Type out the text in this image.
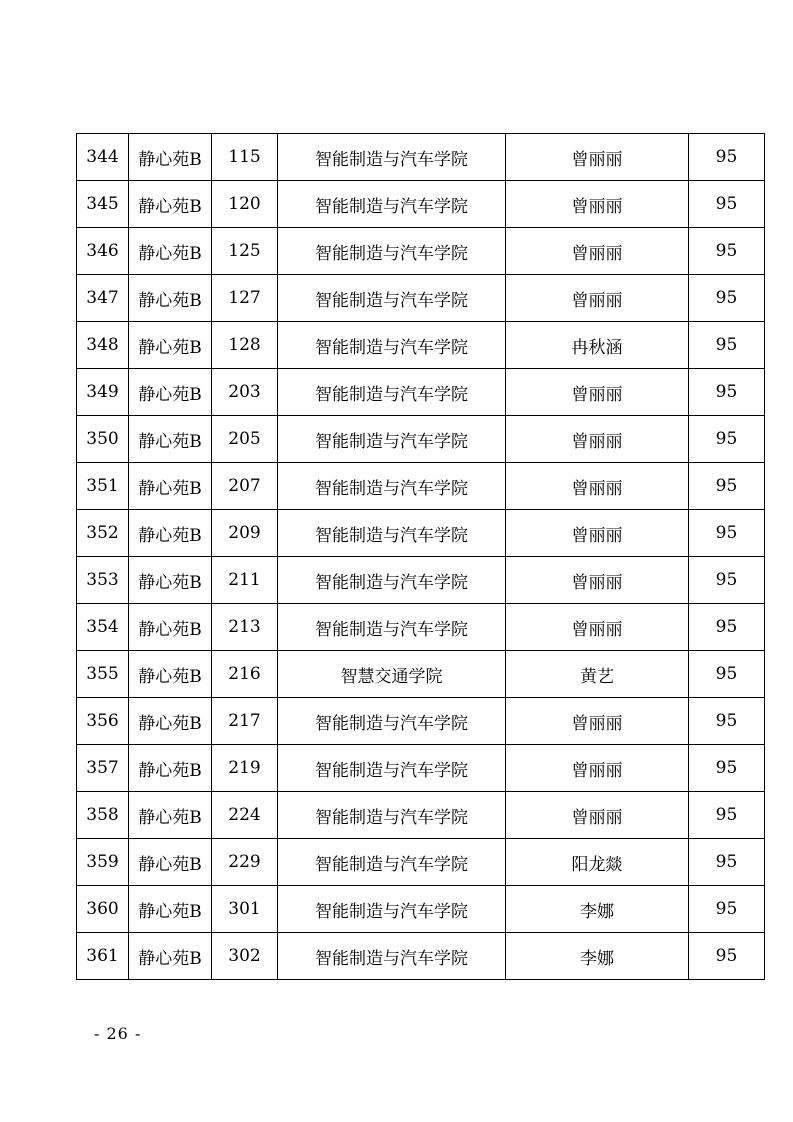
344	静心苑B	115	智能制造与汽车学院	曾丽丽	95
345	静心苑B	120	智能制造与汽车学院	曾丽丽	95
346	静心苑B	125	智能制造与汽车学院	曾丽丽	95
347	静心苑B	127	智能制造与汽车学院	曾丽丽	95
348	静心苑B	128	智能制造与汽车学院	冉秋涵	95
349	静心苑B	203	智能制造与汽车学院	曾丽丽	95
350	静心苑B	205	智能制造与汽车学院	曾丽丽	95
351	静心苑B	207	智能制造与汽车学院	曾丽丽	95
352	静心苑B	209	智能制造与汽车学院	曾丽丽	95
353	静心苑B	211	智能制造与汽车学院	曾丽丽	95
354	静心苑B	213	智能制造与汽车学院	曾丽丽	95
355	静心苑B	216	智慧交通学院	黄艺	95
356	静心苑B	217	智能制造与汽车学院	曾丽丽	95
357	静心苑B	219	智能制造与汽车学院	曾丽丽	95
358	静心苑B	224	智能制造与汽车学院	曾丽丽	95
359	静心苑B	229	智能制造与汽车学院	阳龙燚	95
360	静心苑B	301	智能制造与汽车学院	李娜	95
361	静心苑B	302	智能制造与汽车学院	李娜	95
- 26 -
